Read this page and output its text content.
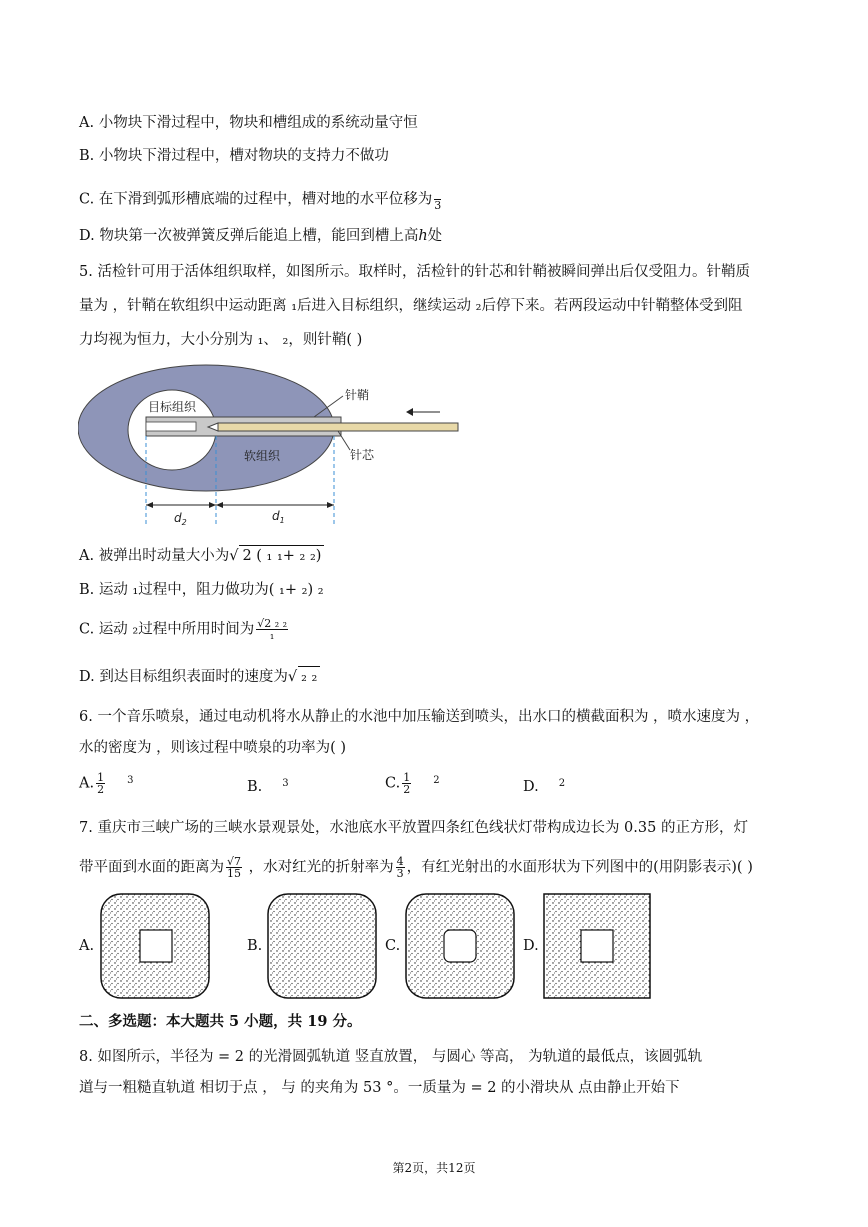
A. 小物块下滑过程中，物块和槽组成的系统动量守恒
B. 小物块下滑过程中，槽对物块的支持力不做功
C. 在下滑到弧形槽底端的过程中，槽对地的水平位移为
3
D. 物块第一次被弹簧反弹后能追上槽，能回到槽上高h处
5. 活检针可用于活体组织取样，如图所示。取样时，活检针的针芯和针鞘被瞬间弹出后仅受阻力。针鞘质
量为 ，针鞘在软组织中运动距离 ₁后进入目标组织，继续运动 ₂后停下来。若两段运动中针鞘整体受到阻
力均视为恒力，大小分别为 ₁、 ₂，则针鞘( )
目标组织
软组织
针鞘
针芯
$d_2$	$d_1$
A. 被弹出时动量大小为√ 2 ( ₁ ₁+ ₂ ₂)
B. 运动 ₁过程中，阻力做功为( ₁+ ₂) ₂
C. 运动 ₂过程中所用时间为 $\frac{\text{√2 ₂ ₂}}{\text{₁}}$
D. 到达目标组织表面时的速度为√ ₂ ₂
6. 一个音乐喷泉，通过电动机将水从静止的水池中加压输送到喷头，出水口的横截面积为 ，喷水速度为 ，
水的密度为 ，则该过程中喷泉的功率为( )
A. $\frac{1}{2} ^3$	B. $^3$	C. $\frac{1}{2} ^2$	D. $^2$
7. 重庆市三峡广场的三峡水景观景处，水池底水平放置四条红色线状灯带构成边长为 0.35 的正方形，灯
带平面到水面的距离为 $\frac{√7}{15}$ ，水对红光的折射率为 $\frac{4}{3}$ ，有红光射出的水面形状为下列图中的(用阴影表示)( )
A.	B.	C.	D.
二、多选题：本大题共 5 小题，共 19 分。
8. 如图所示，半径为 = 2 的光滑圆弧轨道 竖直放置， 与圆心 等高， 为轨道的最低点，该圆弧轨
道与一粗糙直轨道 相切于点 ， 与 的夹角为 53 °。一质量为 = 2 的小滑块从 点由静止开始下
第2页，共12页
